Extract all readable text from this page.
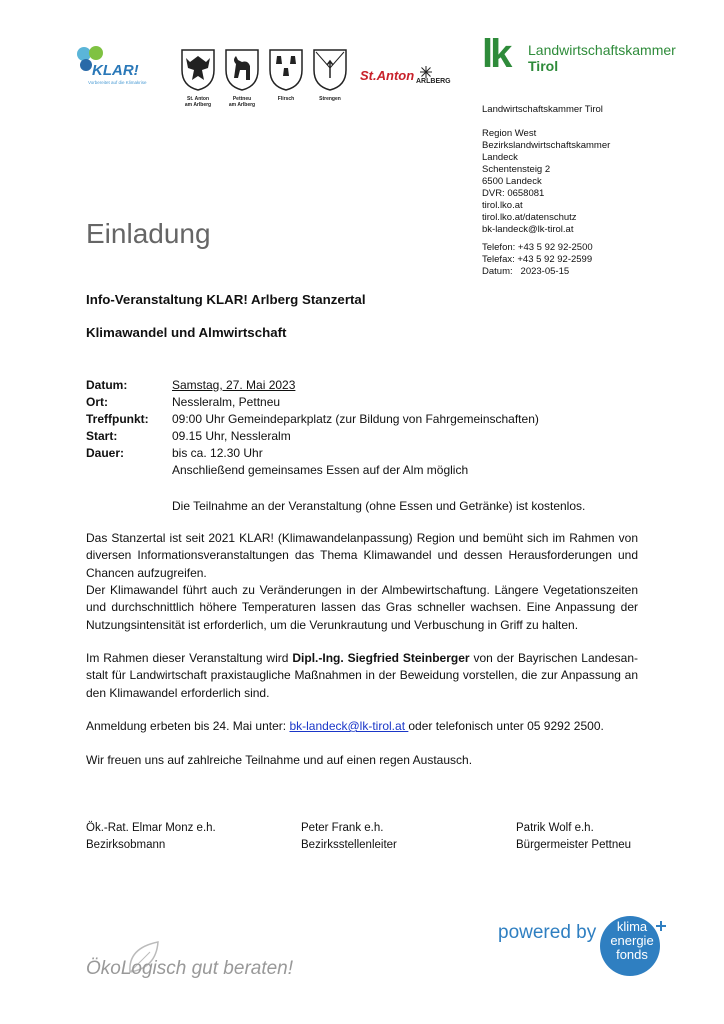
KLAR!
Vorbereitet auf die Klimakrise
St. Anton
am Arlberg
Pettneu
am Arlberg
Flirsch	Strengen
St.Anton ARLBERG
lk Landwirtschaftskammer
Tirol
Landwirtschaftskammer Tirol
Region West
Bezirkslandwirtschaftskammer
Landeck
Schentensteig 2
6500 Landeck
DVR: 0658081
tirol.lko.at
tirol.lko.at/datenschutz
bk-landeck@lk-tirol.at
Telefon: +43 5 92 92-2500
Telefax: +43 5 92 92-2599
Datum:   2023-05-15
Einladung
Info-Veranstaltung KLAR! Arlberg Stanzertal
Klimawandel und Almwirtschaft
Datum:	Samstag, 27. Mai 2023
Ort:	Nessleralm, Pettneu
Treffpunkt: 09:00 Uhr Gemeindeparkplatz (zur Bildung von Fahrgemeinschaften)
Start:	09.15 Uhr, Nessleralm
Dauer:	bis ca. 12.30 Uhr
Anschließend gemeinsames Essen auf der Alm möglich
Die Teilnahme an der Veranstaltung (ohne Essen und Getränke) ist kostenlos.
Das Stanzertal ist seit 2021 KLAR! (Klimawandelanpassung) Region und bemüht sich im Rahmen von diversen Informationsveranstaltungen das Thema Klimawandel und dessen Herausforderungen und Chancen aufzugreifen.
Der Klimawandel führt auch zu Veränderungen in der Almbewirtschaftung. Längere Vegetationszeiten und durchschnittlich höhere Temperaturen lassen das Gras schneller wachsen. Eine Anpassung der Nutzungsintensität ist erforderlich, um die Verunkrautung und Verbuschung in Griff zu halten.
Im Rahmen dieser Veranstaltung wird Dipl.-Ing. Siegfried Steinberger von der Bayrischen Landesan-stalt für Landwirtschaft praxistaugliche Maßnahmen in der Beweidung vorstellen, die zur Anpassung an den Klimawandel erforderlich sind.
Anmeldung erbeten bis 24. Mai unter: bk-landeck@lk-tirol.at oder telefonisch unter 05 9292 2500.
Wir freuen uns auf zahlreiche Teilnahme und auf einen regen Austausch.
Ök.-Rat. Elmar Monz e.h.
Bezirksobmann
Peter Frank e.h.
Bezirksstellenleiter
Patrik Wolf e.h.
Bürgermeister Pettneu
powered by	klima
energie
fonds
ÖkoLogisch gut beraten!
